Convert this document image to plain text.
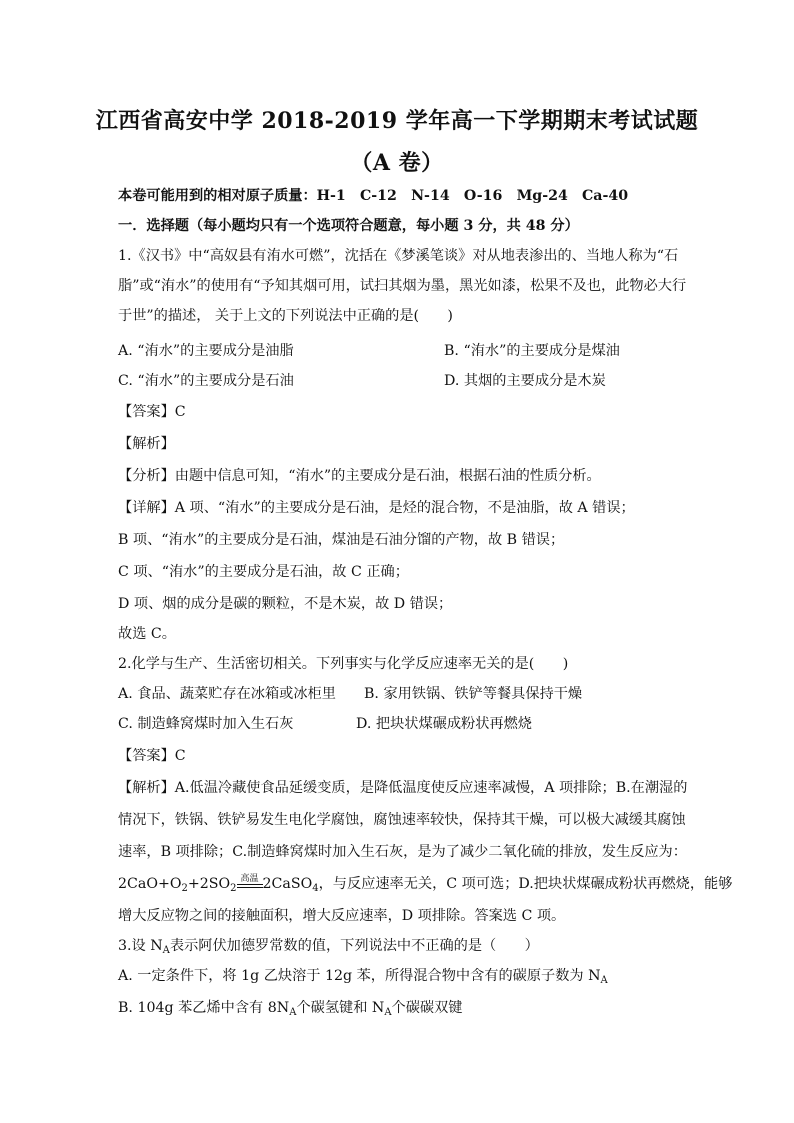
江西省高安中学 2018-2019 学年高一下学期期末考试试题
（A 卷）
本卷可能用到的相对原子质量：H-1　C-12　N-14　O-16　Mg-24　Ca-40
一．选择题（每小题均只有一个选项符合题意，每小题 3 分，共 48 分）
1.《汉书》中“高奴县有洧水可燃”，沈括在《梦溪笔谈》对从地表渗出的、当地人称为“石
脂”或“洧水”的使用有“予知其烟可用，试扫其烟为墨，黑光如漆，松果不及也，此物必大行
于世”的描述， 关于上文的下列说法中正确的是(　　)
A. “洧水”的主要成分是油脂	B. “洧水”的主要成分是煤油
C. “洧水”的主要成分是石油	D. 其烟的主要成分是木炭
【答案】C
【解析】
【分析】由题中信息可知，“洧水”的主要成分是石油，根据石油的性质分析。
【详解】A 项、“洧水”的主要成分是石油，是烃的混合物，不是油脂，故 A 错误；
B 项、“洧水”的主要成分是石油，煤油是石油分馏的产物，故 B 错误；
C 项、“洧水”的主要成分是石油，故 C 正确；
D 项、烟的成分是碳的颗粒，不是木炭，故 D 错误；
故选 C。
2.化学与生产、生活密切相关。下列事实与化学反应速率无关的是(　　)
A. 食品、蔬菜贮存在冰箱或冰柜里 B. 家用铁锅、铁铲等餐具保持干燥
C. 制造蜂窝煤时加入生石灰	D. 把块状煤碾成粉状再燃烧
【答案】C
【解析】A.低温冷藏使食品延缓变质，是降低温度使反应速率减慢，A 项排除；B.在潮湿的
情况下，铁锅、铁铲易发生电化学腐蚀，腐蚀速率较快，保持其干燥，可以极大减缓其腐蚀
速率，B 项排除；C.制造蜂窝煤时加入生石灰，是为了减少二氧化硫的排放，发生反应为：
$2CaO+O_2+2SO_2$
高温 2CaSO$_4$，与反应速率无关，C 项可选；D.把块状煤碾成粉状再燃烧，能够
增大反应物之间的接触面积，增大反应速率，D 项排除。答案选 C 项。
3.设 $N_A$表示阿伏加德罗常数的值，下列说法中不正确的是（　　）
A. 一定条件下，将 1g 乙炔溶于 12g 苯，所得混合物中含有的碳原子数为 $N_A$
B. 104g 苯乙烯中含有 $8N_A$个碳氢键和 $N_A$个碳碳双键
